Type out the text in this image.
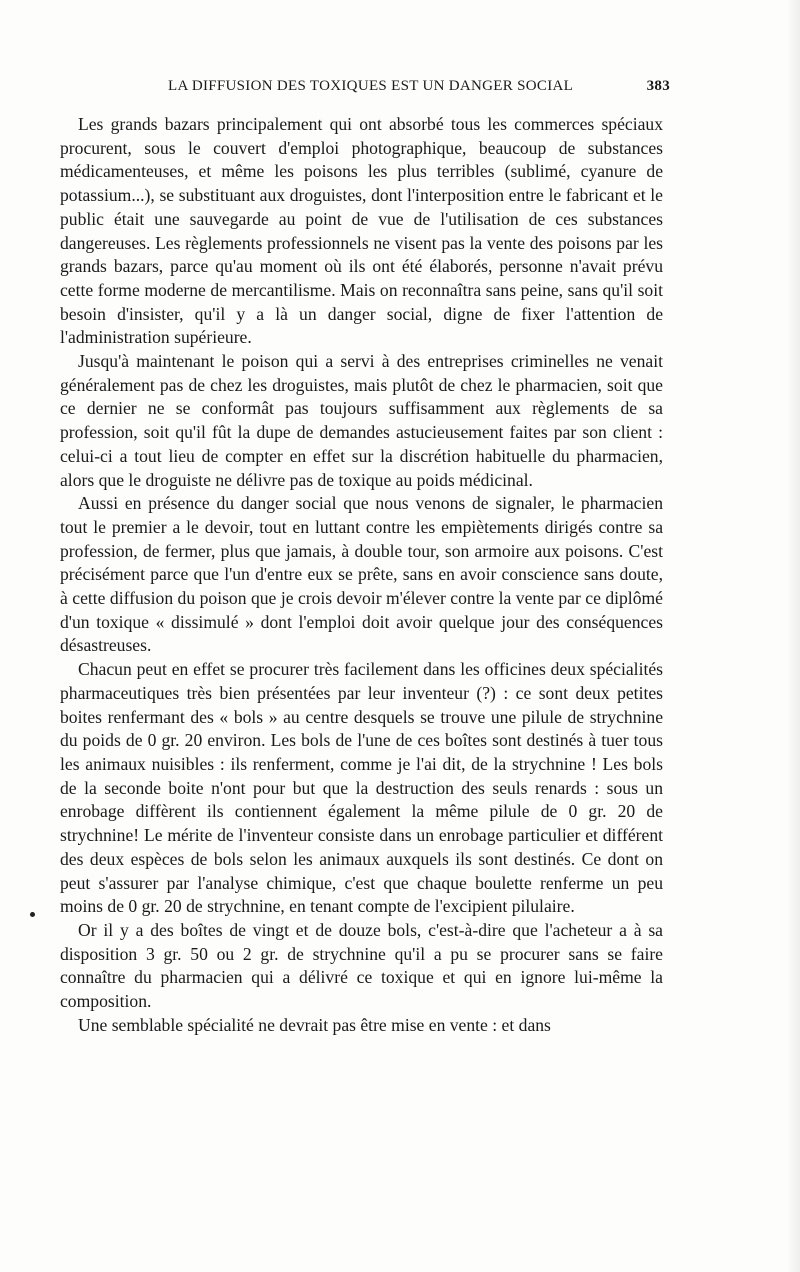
LA DIFFUSION DES TOXIQUES EST UN DANGER SOCIAL	383

Les grands bazars principalement qui ont absorbé tous les commerces spéciaux procurent, sous le couvert d'emploi photographique, beaucoup de substances médicamenteuses, et même les poisons les plus terribles (sublimé, cyanure de potassium...), se substituant aux droguistes, dont l'interposition entre le fabricant et le public était une sauvegarde au point de vue de l'utilisation de ces substances dangereuses. Les règlements professionnels ne visent pas la vente des poisons par les grands bazars, parce qu'au moment où ils ont été élaborés, personne n'avait prévu cette forme moderne de mercantilisme. Mais on reconnaîtra sans peine, sans qu'il soit besoin d'insister, qu'il y a là un danger social, digne de fixer l'attention de l'administration supérieure.

Jusqu'à maintenant le poison qui a servi à des entreprises criminelles ne venait généralement pas de chez les droguistes, mais plutôt de chez le pharmacien, soit que ce dernier ne se conformât pas toujours suffisamment aux règlements de sa profession, soit qu'il fût la dupe de demandes astucieusement faites par son client : celui-ci a tout lieu de compter en effet sur la discrétion habituelle du pharmacien, alors que le droguiste ne délivre pas de toxique au poids médicinal.

Aussi en présence du danger social que nous venons de signaler, le pharmacien tout le premier a le devoir, tout en luttant contre les empiètements dirigés contre sa profession, de fermer, plus que jamais, à double tour, son armoire aux poisons. C'est précisément parce que l'un d'entre eux se prête, sans en avoir conscience sans doute, à cette diffusion du poison que je crois devoir m'élever contre la vente par ce diplômé d'un toxique « dissimulé » dont l'emploi doit avoir quelque jour des conséquences désastreuses.

Chacun peut en effet se procurer très facilement dans les officines deux spécialités pharmaceutiques très bien présentées par leur inventeur (?) : ce sont deux petites boites renfermant des « bols » au centre desquels se trouve une pilule de strychnine du poids de 0 gr. 20 environ. Les bols de l'une de ces boîtes sont destinés à tuer tous les animaux nuisibles : ils renferment, comme je l'ai dit, de la strychnine ! Les bols de la seconde boite n'ont pour but que la destruction des seuls renards : sous un enrobage diffèrent ils contiennent également la même pilule de 0 gr. 20 de strychnine! Le mérite de l'inventeur consiste dans un enrobage particulier et différent des deux espèces de bols selon les animaux auxquels ils sont destinés. Ce dont on peut s'assurer par l'analyse chimique, c'est que chaque boulette renferme un peu moins de 0 gr. 20 de strychnine, en tenant compte de l'excipient pilulaire.

Or il y a des boîtes de vingt et de douze bols, c'est-à-dire que l'acheteur a à sa disposition 3 gr. 50 ou 2 gr. de strychnine qu'il a pu se procurer sans se faire connaître du pharmacien qui a délivré ce toxique et qui en ignore lui-même la composition.

Une semblable spécialité ne devrait pas être mise en vente : et dans
